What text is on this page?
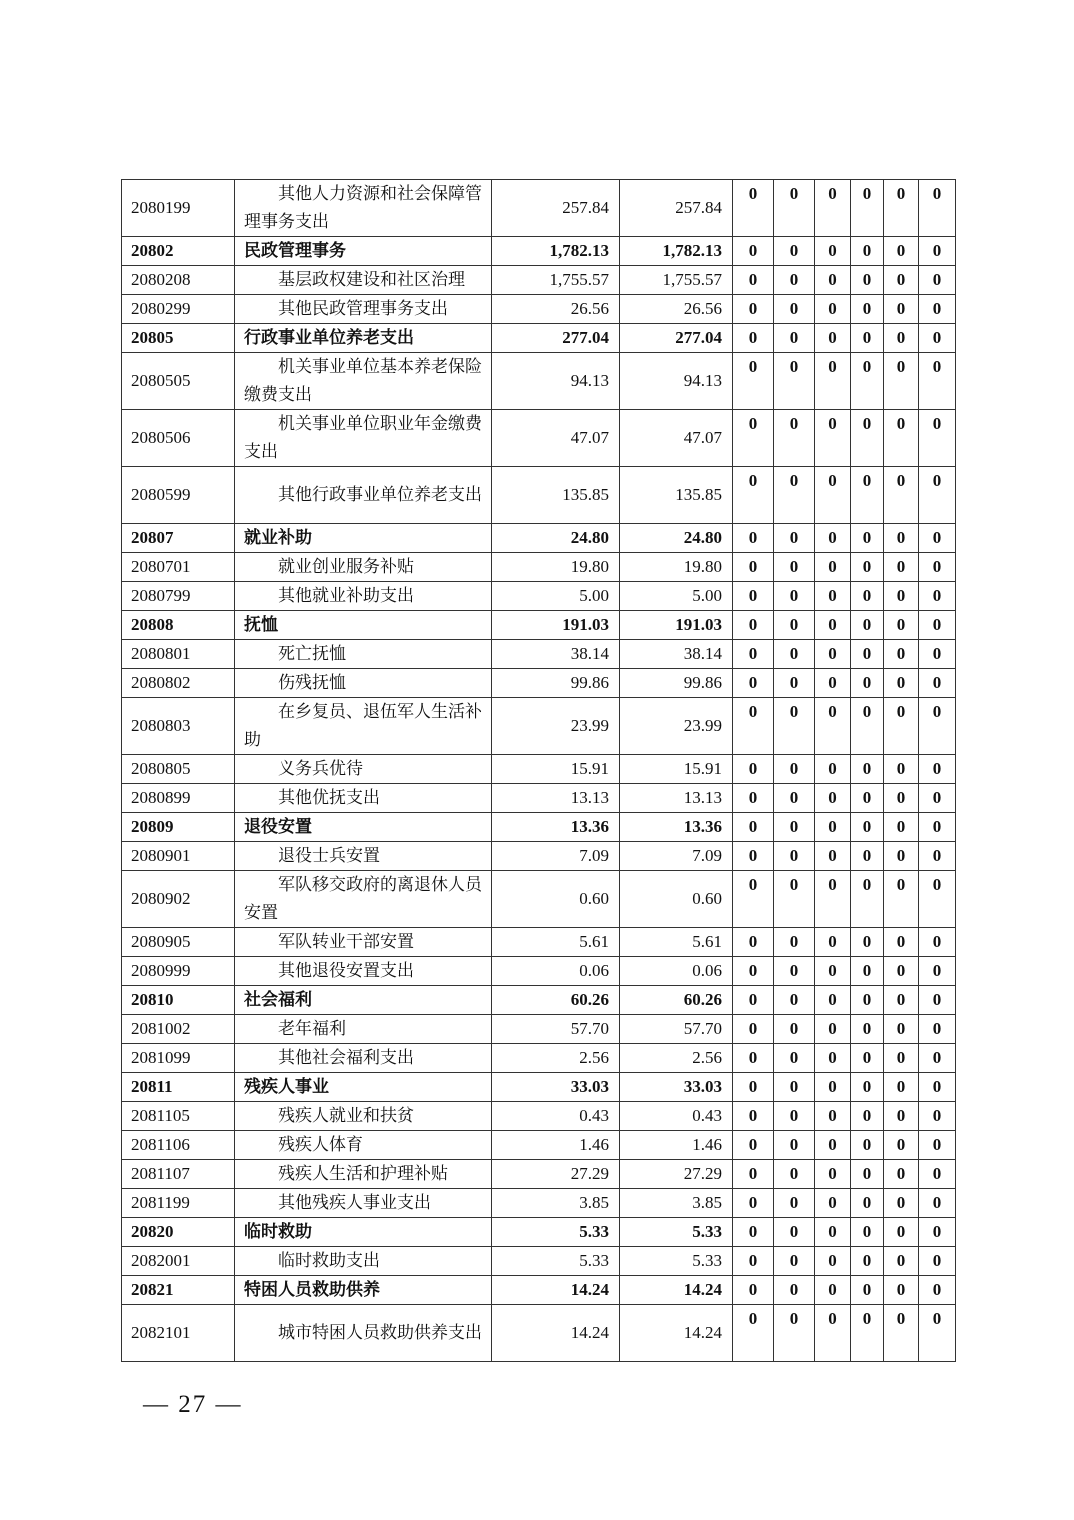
2080199	其他人力资源和社会保障管理事务支出	257.84	257.84	0	0	0	0	0	0
20802	民政管理事务	1,782.13	1,782.13	0	0	0	0	0	0
2080208	基层政权建设和社区治理	1,755.57	1,755.57	0	0	0	0	0	0
2080299	其他民政管理事务支出	26.56	26.56	0	0	0	0	0	0
20805	行政事业单位养老支出	277.04	277.04	0	0	0	0	0	0
2080505	机关事业单位基本养老保险缴费支出	94.13	94.13	0	0	0	0	0	0
2080506	机关事业单位职业年金缴费支出	47.07	47.07	0	0	0	0	0	0
2080599	其他行政事业单位养老支出	135.85	135.85	0	0	0	0	0	0
20807	就业补助	24.80	24.80	0	0	0	0	0	0
2080701	就业创业服务补贴	19.80	19.80	0	0	0	0	0	0
2080799	其他就业补助支出	5.00	5.00	0	0	0	0	0	0
20808	抚恤	191.03	191.03	0	0	0	0	0	0
2080801	死亡抚恤	38.14	38.14	0	0	0	0	0	0
2080802	伤残抚恤	99.86	99.86	0	0	0	0	0	0
2080803	在乡复员、退伍军人生活补助	23.99	23.99	0	0	0	0	0	0
2080805	义务兵优待	15.91	15.91	0	0	0	0	0	0
2080899	其他优抚支出	13.13	13.13	0	0	0	0	0	0
20809	退役安置	13.36	13.36	0	0	0	0	0	0
2080901	退役士兵安置	7.09	7.09	0	0	0	0	0	0
2080902	军队移交政府的离退休人员安置	0.60	0.60	0	0	0	0	0	0
2080905	军队转业干部安置	5.61	5.61	0	0	0	0	0	0
2080999	其他退役安置支出	0.06	0.06	0	0	0	0	0	0
20810	社会福利	60.26	60.26	0	0	0	0	0	0
2081002	老年福利	57.70	57.70	0	0	0	0	0	0
2081099	其他社会福利支出	2.56	2.56	0	0	0	0	0	0
20811	残疾人事业	33.03	33.03	0	0	0	0	0	0
2081105	残疾人就业和扶贫	0.43	0.43	0	0	0	0	0	0
2081106	残疾人体育	1.46	1.46	0	0	0	0	0	0
2081107	残疾人生活和护理补贴	27.29	27.29	0	0	0	0	0	0
2081199	其他残疾人事业支出	3.85	3.85	0	0	0	0	0	0
20820	临时救助	5.33	5.33	0	0	0	0	0	0
2082001	临时救助支出	5.33	5.33	0	0	0	0	0	0
20821	特困人员救助供养	14.24	14.24	0	0	0	0	0	0
2082101	城市特困人员救助供养支出	14.24	14.24	0	0	0	0	0	0
— 27 —
